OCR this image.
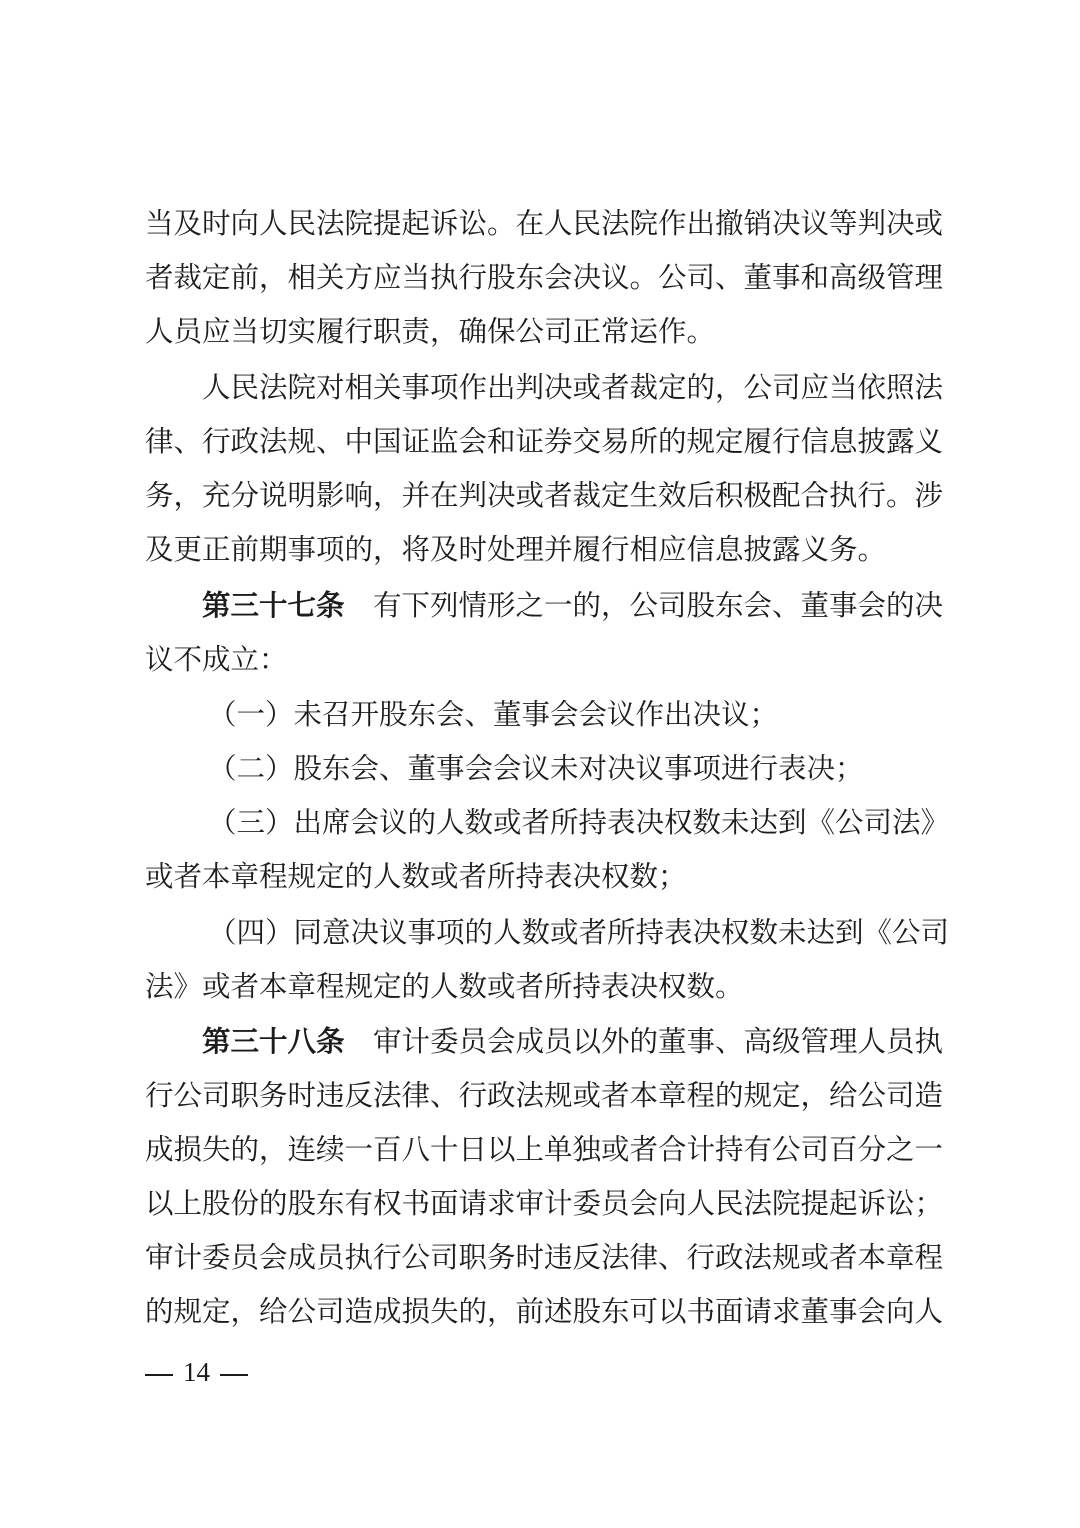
当及时向人民法院提起诉讼。在人民法院作出撤销决议等判决或
者裁定前，相关方应当执行股东会决议。公司、董事和高级管理
人员应当切实履行职责，确保公司正常运作。
人民法院对相关事项作出判决或者裁定的，公司应当依照法
律、行政法规、中国证监会和证券交易所的规定履行信息披露义
务，充分说明影响，并在判决或者裁定生效后积极配合执行。涉
及更正前期事项的，将及时处理并履行相应信息披露义务。
第三十七条　 有下列情形之一的，公司股东会、董事会的决
议不成立：
（一）未召开股东会、董事会会议作出决议；
（二）股东会、董事会会议未对决议事项进行表决；
（三）出席会议的人数或者所持表决权数未达到《公司法》
或者本章程规定的人数或者所持表决权数；
（四）同意决议事项的人数或者所持表决权数未达到《公司
法》或者本章程规定的人数或者所持表决权数。
第三十八条　 审计委员会成员以外的董事、高级管理人员执
行公司职务时违反法律、行政法规或者本章程的规定，给公司造
成损失的，连续一百八十日以上单独或者合计持有公司百分之一
以上股份的股东有权书面请求审计委员会向人民法院提起诉讼；
审计委员会成员执行公司职务时违反法律、行政法规或者本章程
的规定，给公司造成损失的，前述股东可以书面请求董事会向人
14
